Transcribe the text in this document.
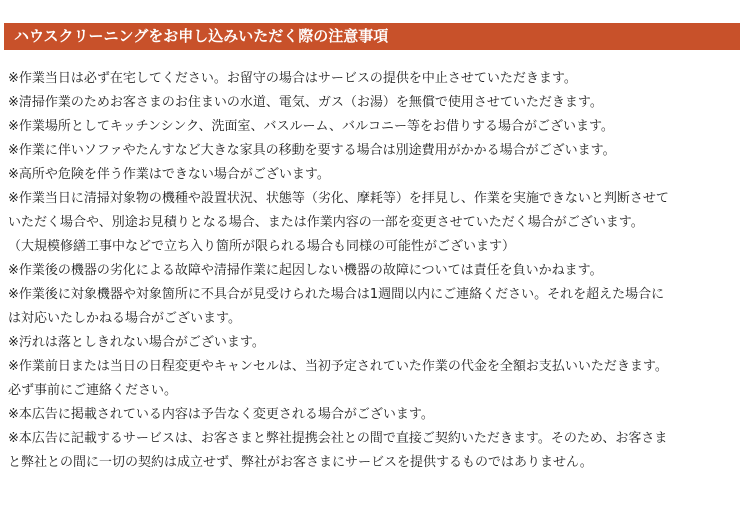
ハウスクリーニングをお申し込みいただく際の注意事項
※作業当日は必ず在宅してください。お留守の場合はサービスの提供を中止させていただきます。
※清掃作業のためお客さまのお住まいの水道、電気、ガス（お湯）を無償で使用させていただきます。
※作業場所としてキッチンシンク、洗面室、バスルーム、バルコニー等をお借りする場合がございます。
※作業に伴いソファやたんすなど大きな家具の移動を要する場合は別途費用がかかる場合がございます。
※高所や危険を伴う作業はできない場合がございます。
※作業当日に清掃対象物の機種や設置状況、状態等（劣化、摩耗等）を拝見し、作業を実施できないと判断させて
いただく場合や、別途お見積りとなる場合、または作業内容の一部を変更させていただく場合がございます。
（大規模修繕工事中などで立ち入り箇所が限られる場合も同様の可能性がございます）
※作業後の機器の劣化による故障や清掃作業に起因しない機器の故障については責任を負いかねます。
※作業後に対象機器や対象箇所に不具合が見受けられた場合は1週間以内にご連絡ください。それを超えた場合に
は対応いたしかねる場合がございます。
※汚れは落としきれない場合がございます。
※作業前日または当日の日程変更やキャンセルは、当初予定されていた作業の代金を全額お支払いいただきます。
必ず事前にご連絡ください。
※本広告に掲載されている内容は予告なく変更される場合がございます。
※本広告に記載するサービスは、お客さまと弊社提携会社との間で直接ご契約いただきます。そのため、お客さま
と弊社との間に一切の契約は成立せず、弊社がお客さまにサービスを提供するものではありません。
